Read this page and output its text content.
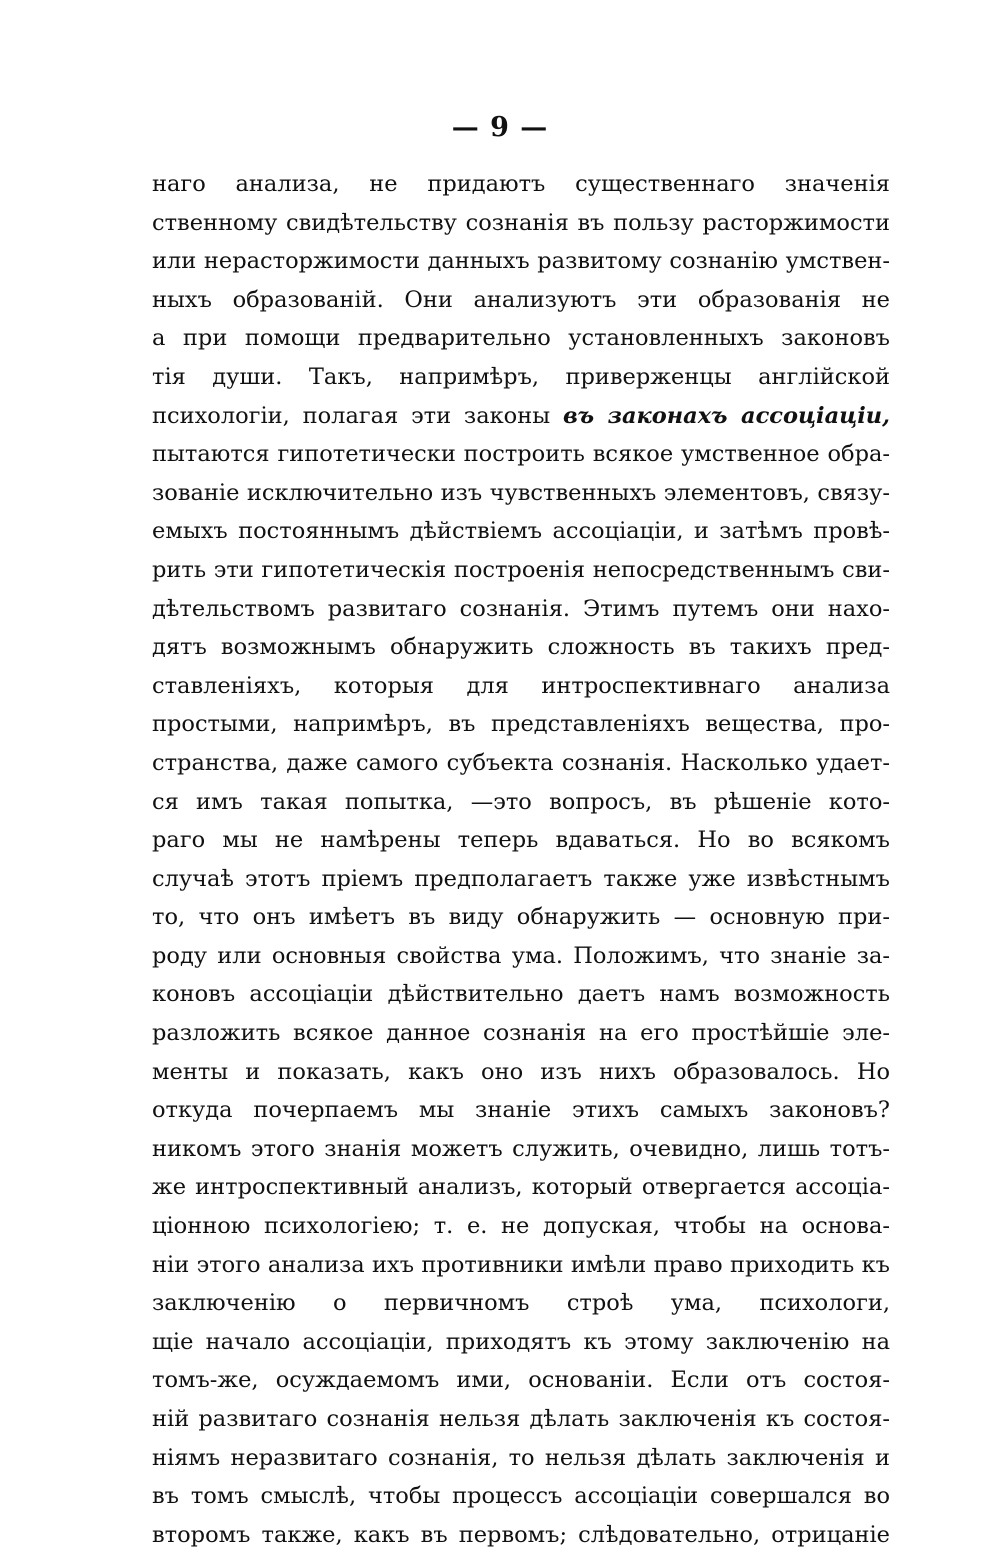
— 9 —
наго анализа, не придаютъ существеннаго значенія
ственному свидѣтельству сознанія въ пользу расторжимости
или нерасторжимости данныхъ развитому сознанію умствен-
ныхъ образованій. Они анализуютъ эти образованія не
а при помощи предварительно установленныхъ законовъ
тія души. Такъ, напримѣръ, приверженцы англійской
психологіи, полагая эти законы въ законахъ ассоціаціи,
пытаются гипотетически построить всякое умственное обра-
зованіе исключительно изъ чувственныхъ элементовъ, связу-
емыхъ постояннымъ дѣйствіемъ ассоціаціи, и затѣмъ провѣ-
рить эти гипотетическія построенія непосредственнымъ сви-
дѣтельствомъ развитаго сознанія. Этимъ путемъ они нахо-
дятъ возможнымъ обнаружить сложность въ такихъ пред-
ставленіяхъ, которыя для интроспективнаго анализа
простыми, напримѣръ, въ представленіяхъ вещества, про-
странства, даже самого субъекта сознанія. Насколько удает-
ся имъ такая попытка, —это вопросъ, въ рѣшеніе кото-
раго мы не намѣрены теперь вдаваться. Но во всякомъ
случаѣ этотъ пріемъ предполагаетъ также уже извѣстнымъ
то, что онъ имѣетъ въ виду обнаружить — основную при-
роду или основныя свойства ума. Положимъ, что знаніе за-
коновъ ассоціаціи дѣйствительно даетъ намъ возможность
разложить всякое данное сознанія на его простѣйшіе эле-
менты и показать, какъ оно изъ нихъ образовалось. Но
откуда почерпаемъ мы знаніе этихъ самыхъ законовъ?
никомъ этого знанія можетъ служить, очевидно, лишь тотъ-
же интроспективный анализъ, который отвергается ассоціа-
ціонною психологіею; т. е. не допуская, чтобы на основа-
ніи этого анализа ихъ противники имѣли право приходить къ
заключенію о первичномъ строѣ ума, психологи,
щіе начало ассоціаціи, приходятъ къ этому заключенію на
томъ-же, осуждаемомъ ими, основаніи. Если отъ состоя-
ній развитаго сознанія нельзя дѣлать заключенія къ состоя-
ніямъ неразвитаго сознанія, то нельзя дѣлать заключенія и
въ томъ смыслѣ, чтобы процессъ ассоціаціи совершался во
второмъ также, какъ въ первомъ; слѣдовательно, отрицаніе
